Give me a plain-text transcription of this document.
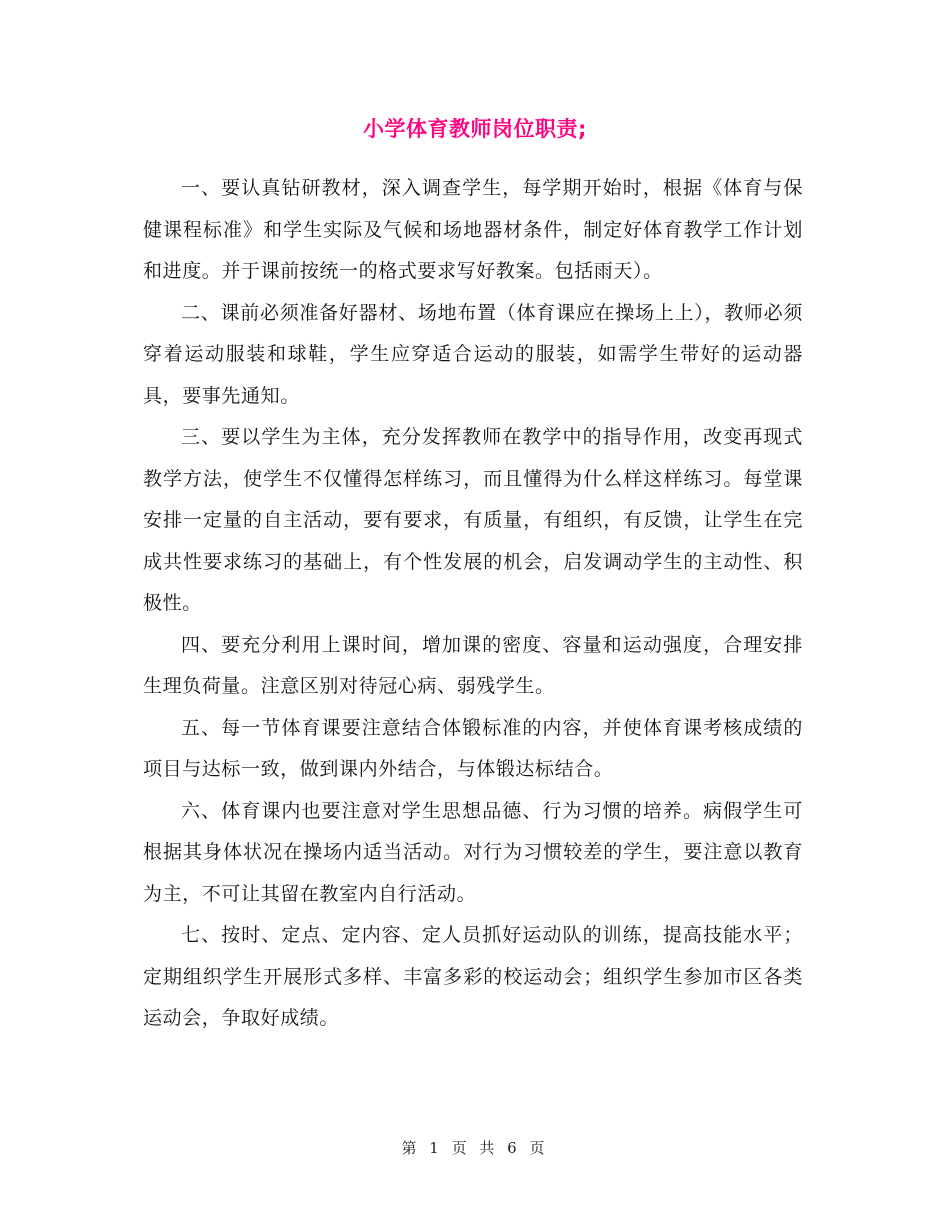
小学体育教师岗位职责;

一、要认真钻研教材，深入调查学生，每学期开始时，根据《体育与保健课程标准》和学生实际及气候和场地器材条件，制定好体育教学工作计划和进度。并于课前按统一的格式要求写好教案。包括雨天）。

二、课前必须准备好器材、场地布置（体育课应在操场上上），教师必须穿着运动服装和球鞋，学生应穿适合运动的服装，如需学生带好的运动器具，要事先通知。

三、要以学生为主体，充分发挥教师在教学中的指导作用，改变再现式教学方法，使学生不仅懂得怎样练习，而且懂得为什么样这样练习。每堂课安排一定量的自主活动，要有要求，有质量，有组织，有反馈，让学生在完成共性要求练习的基础上，有个性发展的机会，启发调动学生的主动性、积极性。

四、要充分利用上课时间，增加课的密度、容量和运动强度，合理安排生理负荷量。注意区别对待冠心病、弱残学生。

五、每一节体育课要注意结合体锻标准的内容，并使体育课考核成绩的项目与达标一致，做到课内外结合，与体锻达标结合。

六、体育课内也要注意对学生思想品德、行为习惯的培养。病假学生可根据其身体状况在操场内适当活动。对行为习惯较差的学生，要注意以教育为主，不可让其留在教室内自行活动。

七、按时、定点、定内容、定人员抓好运动队的训练，提高技能水平；定期组织学生开展形式多样、丰富多彩的校运动会；组织学生参加市区各类运动会，争取好成绩。

第 1 页 共 6 页
